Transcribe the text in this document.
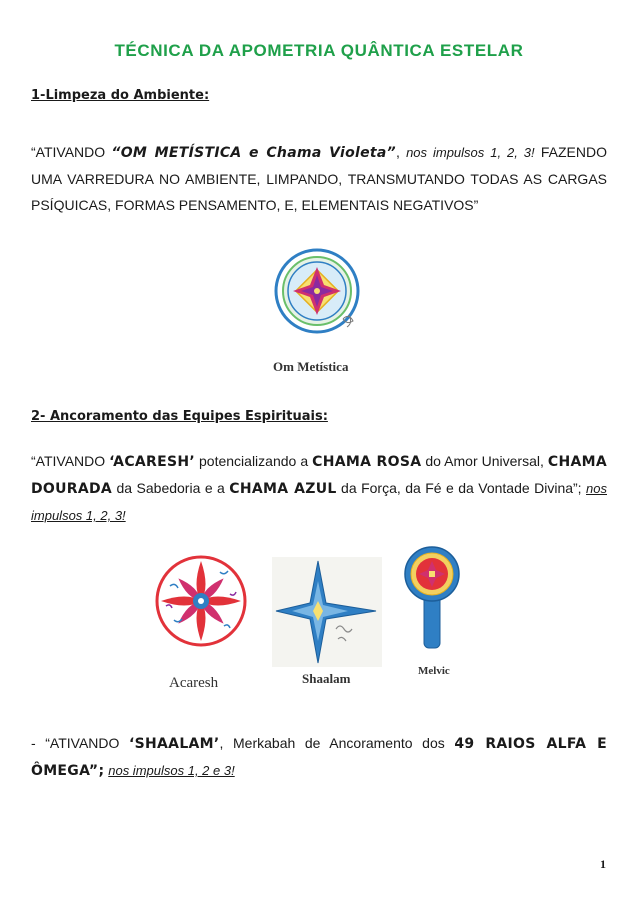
TÉCNICA DA APOMETRIA QUÂNTICA ESTELAR
1-Limpeza do Ambiente:
“ATIVANDO “OM METÍSTICA e Chama Violeta”, nos impulsos 1, 2, 3! FAZENDO UMA VARREDURA NO AMBIENTE, LIMPANDO, TRANSMUTANDO TODAS AS CARGAS PSÍQUICAS, FORMAS PENSAMENTO, E, ELEMENTAIS NEGATIVOS”
Om Metística
2- Ancoramento das Equipes Espirituais:
“ATIVANDO ‘ACARESH’ potencializando a CHAMA ROSA do Amor Universal, CHAMA DOURADA da Sabedoria e a CHAMA AZUL da Força, da Fé e da Vontade Divina”; nos impulsos 1, 2, 3!
Acaresh	Shaalam	Melvic
- “ATIVANDO ‘SHAALAM’, Merkabah de Ancoramento dos 49 RAIOS ALFA E ÔMEGA”; nos impulsos 1, 2 e 3!
1
